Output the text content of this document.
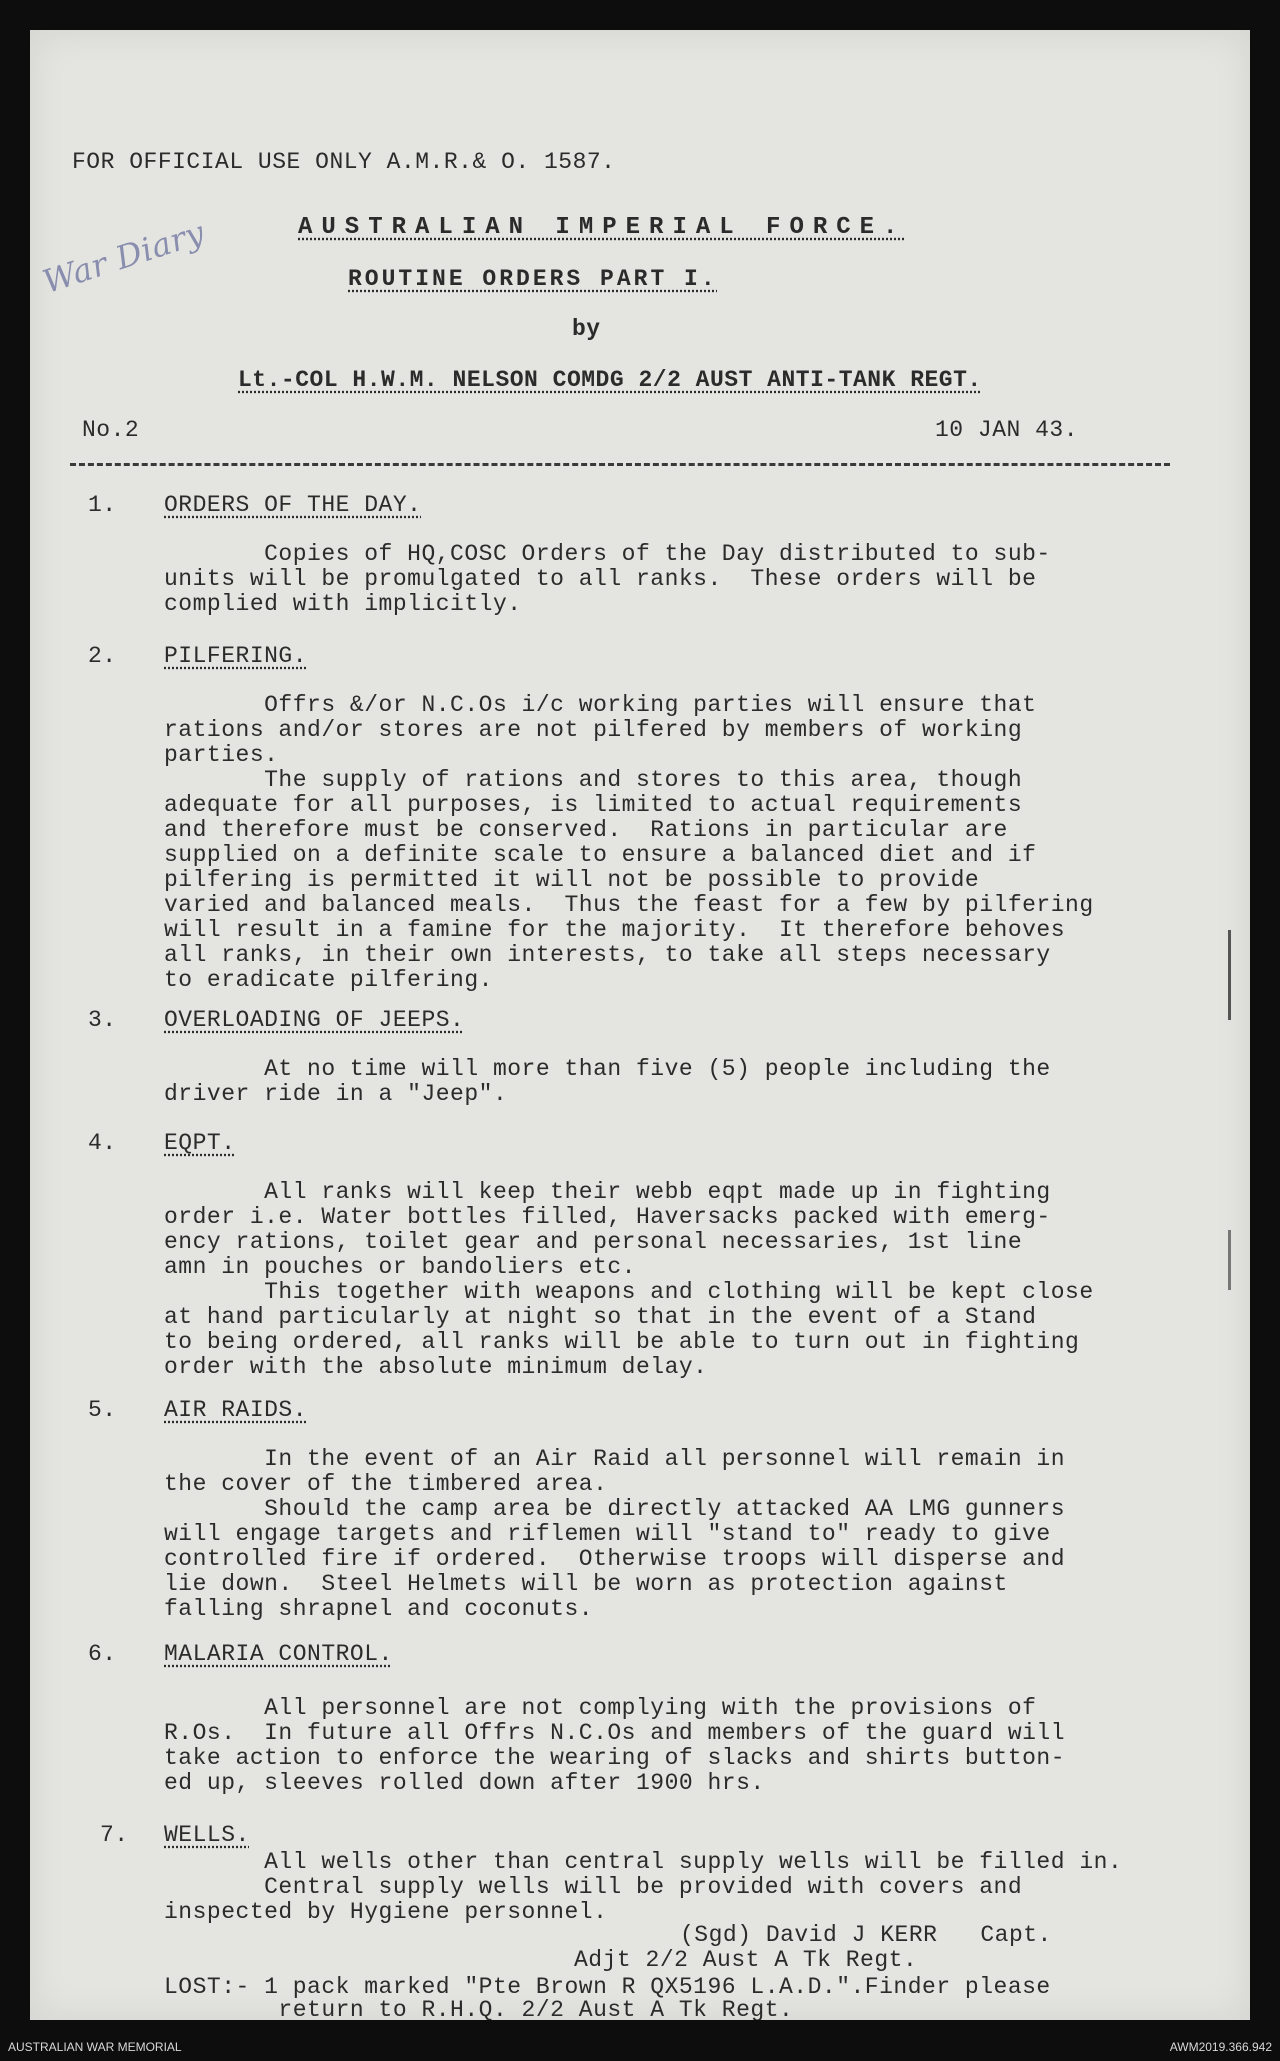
FOR OFFICIAL USE ONLY A.M.R.& O. 1587.
War Diary	AUSTRALIAN IMPERIAL FORCE.
ROUTINE ORDERS PART I.
by
Lt.-COL H.W.M. NELSON COMDG 2/2 AUST ANTI-TANK REGT.
No.2	10 JAN 43.
1. ORDERS OF THE DAY.
Copies of HQ,COSC Orders of the Day distributed to sub-
units will be promulgated to all ranks.  These orders will be
complied with implicitly.
2. PILFERING.
Offrs &/or N.C.Os i/c working parties will ensure that
rations and/or stores are not pilfered by members of working
parties.
The supply of rations and stores to this area, though
adequate for all purposes, is limited to actual requirements
and therefore must be conserved.  Rations in particular are
supplied on a definite scale to ensure a balanced diet and if
pilfering is permitted it will not be possible to provide
varied and balanced meals.  Thus the feast for a few by pilfering
will result in a famine for the majority.  It therefore behoves
all ranks, in their own interests, to take all steps necessary
to eradicate pilfering.
3. OVERLOADING OF JEEPS.
At no time will more than five (5) people including the
driver ride in a "Jeep".
4. EQPT.
All ranks will keep their webb eqpt made up in fighting
order i.e. Water bottles filled, Haversacks packed with emerg-
ency rations, toilet gear and personal necessaries, 1st line
amn in pouches or bandoliers etc.
This together with weapons and clothing will be kept close
at hand particularly at night so that in the event of a Stand
to being ordered, all ranks will be able to turn out in fighting
order with the absolute minimum delay.
5. AIR RAIDS.
In the event of an Air Raid all personnel will remain in
the cover of the timbered area.
Should the camp area be directly attacked AA LMG gunners
will engage targets and riflemen will "stand to" ready to give
controlled fire if ordered.  Otherwise troops will disperse and
lie down.  Steel Helmets will be worn as protection against
falling shrapnel and coconuts.
6. MALARIA CONTROL.
All personnel are not complying with the provisions of
R.Os.  In future all Offrs N.C.Os and members of the guard will
take action to enforce the wearing of slacks and shirts button-
ed up, sleeves rolled down after 1900 hrs.
7. WELLS.
All wells other than central supply wells will be filled in.
Central supply wells will be provided with covers and
inspected by Hygiene personnel.
(Sgd) David J KERR   Capt.
Adjt 2/2 Aust A Tk Regt.
LOST:- 1 pack marked "Pte Brown R QX5196 L.A.D.".Finder please
return to R.H.Q. 2/2 Aust A Tk Regt.
AUSTRALIAN WAR MEMORIAL	AWM2019.366.942
